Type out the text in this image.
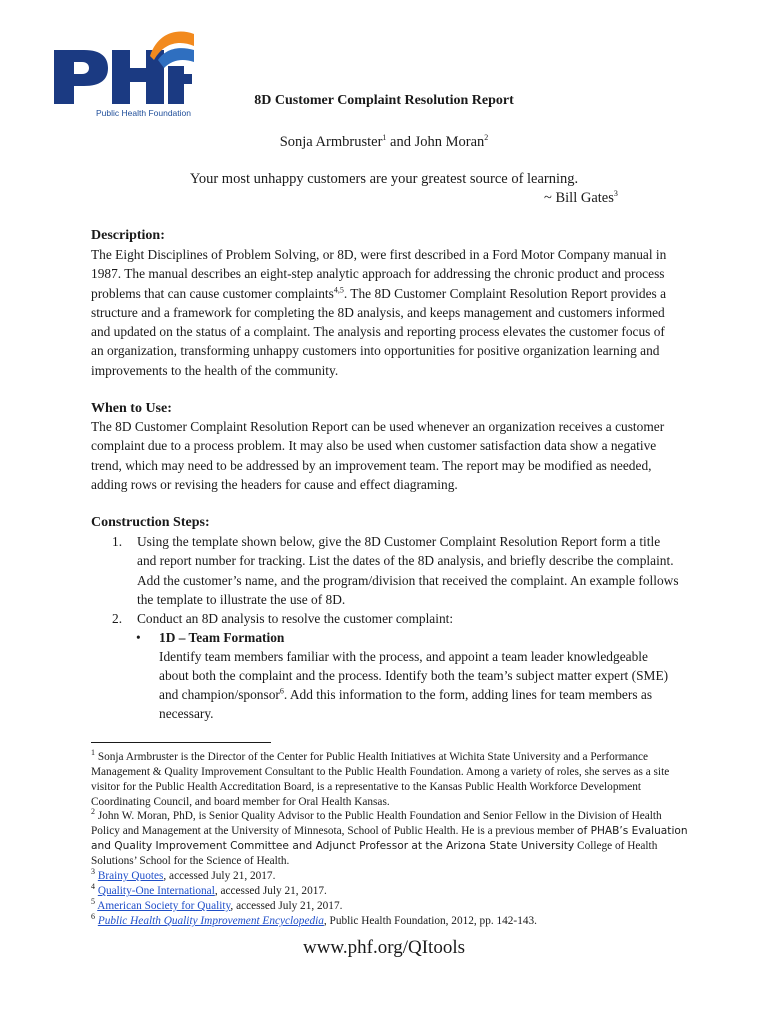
Public Health Foundation
8D Customer Complaint Resolution Report
Sonja Armbruster$^1$ and John Moran$^2$
Your most unhappy customers are your greatest source of learning.
~ Bill Gates$^3$
Description:
The Eight Disciplines of Problem Solving, or 8D, were first described in a Ford Motor Company manual in 1987. The manual describes an eight-step analytic approach for addressing the chronic product and process problems that can cause customer complaints$^{4,5}$. The 8D Customer Complaint Resolution Report provides a structure and a framework for completing the 8D analysis, and keeps management and customers informed and updated on the status of a complaint. The analysis and reporting process elevates the customer focus of an organization, transforming unhappy customers into opportunities for positive organization learning and improvements to the health of the community.
When to Use:
The 8D Customer Complaint Resolution Report can be used whenever an organization receives a customer complaint due to a process problem. It may also be used when customer satisfaction data show a negative trend, which may need to be addressed by an improvement team. The report may be modified as needed, adding rows or revising the headers for cause and effect diagraming.
Construction Steps:
1. Using the template shown below, give the 8D Customer Complaint Resolution Report form a title and report number for tracking. List the dates of the 8D analysis, and briefly describe the complaint. Add the customer’s name, and the program/division that received the complaint. An example follows the template to illustrate the use of 8D.
2. Conduct an 8D analysis to resolve the customer complaint:
• 1D – Team Formation
Identify team members familiar with the process, and appoint a team leader knowledgeable about both the complaint and the process. Identify both the team’s subject matter expert (SME) and champion/sponsor$^6$. Add this information to the form, adding lines for team members as necessary.
$^1$ Sonja Armbruster is the Director of the Center for Public Health Initiatives at Wichita State University and a Performance Management & Quality Improvement Consultant to the Public Health Foundation. Among a variety of roles, she serves as a site visitor for the Public Health Accreditation Board, is a representative to the Kansas Public Health Workforce Development Coordinating Council, and board member for Oral Health Kansas.
$^2$ John W. Moran, PhD, is Senior Quality Advisor to the Public Health Foundation and Senior Fellow in the Division of Health Policy and Management at the University of Minnesota, School of Public Health. He is a previous member of PHAB’s Evaluation and Quality Improvement Committee and Adjunct Professor at the Arizona State University College of Health Solutions’ School for the Science of Health.
$^3$ Brainy Quotes, accessed July 21, 2017.
$^4$ Quality-One International, accessed July 21, 2017.
$^5$ American Society for Quality, accessed July 21, 2017.
$^6$ Public Health Quality Improvement Encyclopedia, Public Health Foundation, 2012, pp. 142-143.
www.phf.org/QItools
